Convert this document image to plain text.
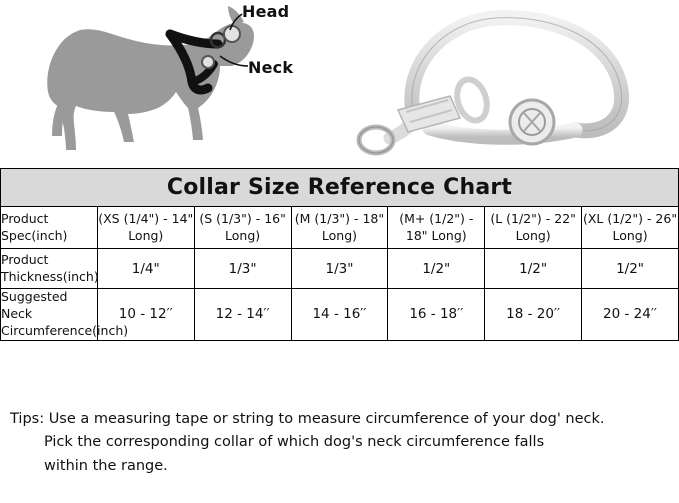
Head
Neck
Collar Size Reference Chart						
Product Spec(inch)	(XS (1/4") - 14" Long)	(S (1/3") - 16" Long)	(M (1/3") - 18" Long)	(M+ (1/2") - 18" Long)	(L (1/2") - 22" Long)	(XL (1/2") - 26" Long)
Product Thickness(inch)	1/4"	1/3"	1/3"	1/2"	1/2"	1/2"
Suggested Neck Circumference(inch)	10 - 12′′	12 - 14′′	14 - 16′′	16 - 18′′	18 - 20′′	20 - 24′′

Tips: Use a measuring tape or string to measure circumference of your dog' neck.

Pick the corresponding collar of which dog's neck circumference falls

within the range.
